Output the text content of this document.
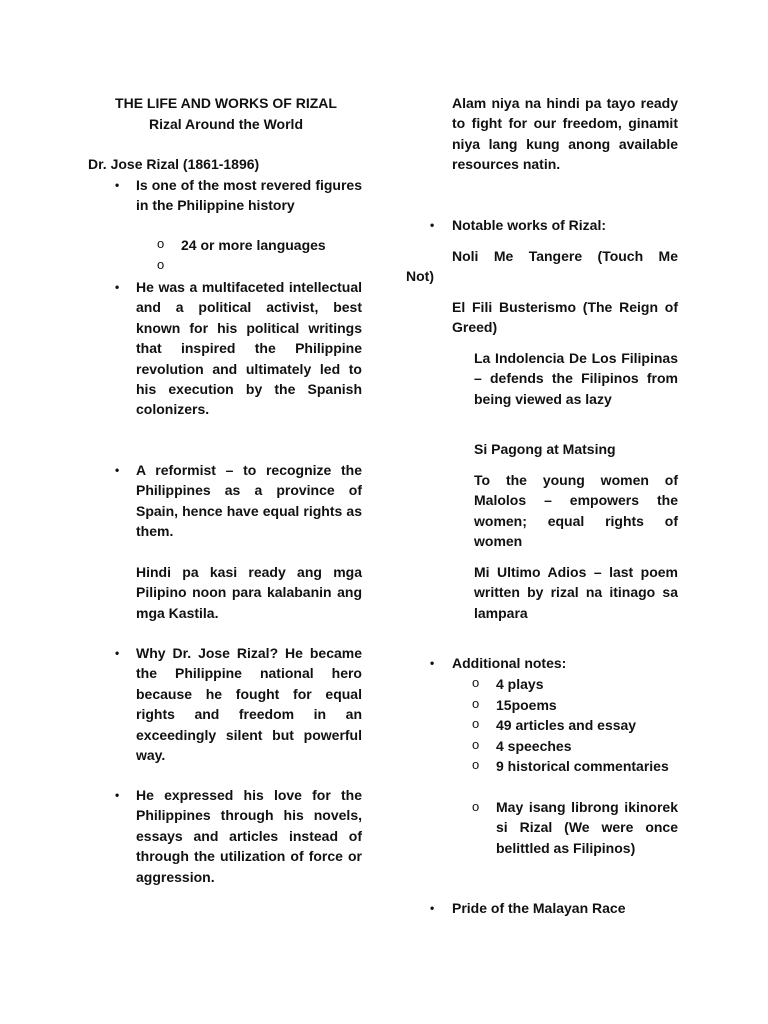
THE LIFE AND WORKS OF RIZAL
Rizal Around the World
Dr. Jose Rizal (1861-1896)
• Is one of the most revered figures in the Philippine history
o 24 or more languages
o
• He was a multifaceted intellectual and a political activist, best known for his political writings that inspired the Philippine revolution and ultimately led to his execution by the Spanish colonizers.
• A reformist – to recognize the Philippines as a province of Spain, hence have equal rights as them.
Hindi pa kasi ready ang mga Pilipino noon para kalabanin ang mga Kastila.
• Why Dr. Jose Rizal? He became the Philippine national hero because he fought for equal rights and freedom in an exceedingly silent but powerful way.
• He expressed his love for the Philippines through his novels, essays and articles instead of through the utilization of force or aggression.
Alam niya na hindi pa tayo ready to fight for our freedom, ginamit niya lang kung anong available resources natin.
• Notable works of Rizal:
Noli Me Tangere (Touch Me
Not)
El Fili Busterismo (The Reign of Greed)
La Indolencia De Los Filipinas – defends the Filipinos from being viewed as lazy
Si Pagong at Matsing
To the young women of Malolos – empowers the women; equal rights of women
Mi Ultimo Adios – last poem written by rizal na itinago sa lampara
• Additional notes:
o 4 plays
o 15poems
o 49 articles and essay
o 4 speeches
o 9 historical commentaries
o May isang librong ikinorek si Rizal (We were once belittled as Filipinos)
• Pride of the Malayan Race
